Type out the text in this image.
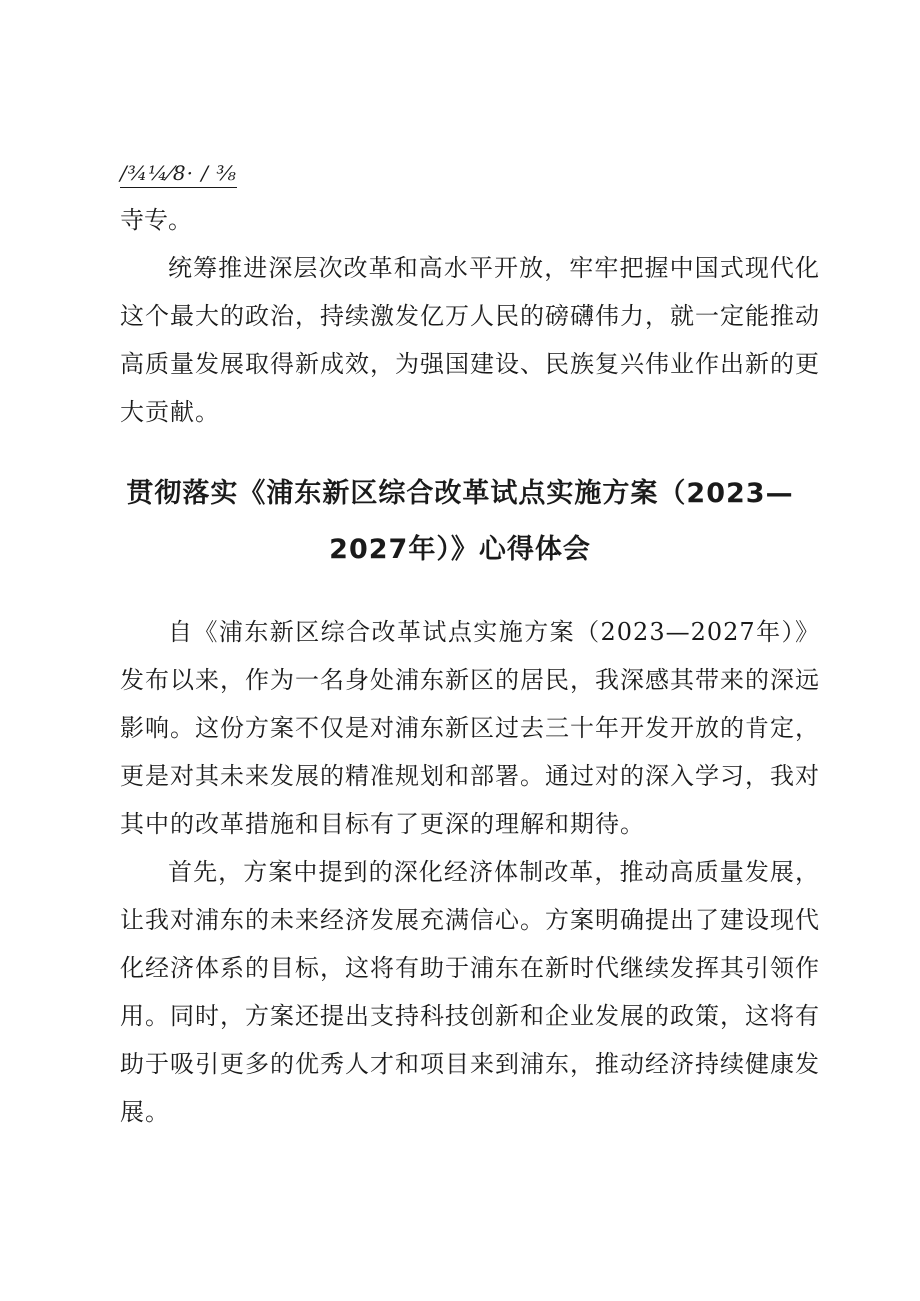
/¾¼⁄8· / ⅜
寺专。

统筹推进深层次改革和高水平开放，牢牢把握中国式现代化这个最大的政治，持续激发亿万人民的磅礴伟力，就一定能推动高质量发展取得新成效，为强国建设、民族复兴伟业作出新的更大贡献。

贯彻落实《浦东新区综合改革试点实施方案（2023—2027年）》心得体会

自《浦东新区综合改革试点实施方案（2023—2027年）》发布以来，作为一名身处浦东新区的居民，我深感其带来的深远影响。这份方案不仅是对浦东新区过去三十年开发开放的肯定，更是对其未来发展的精准规划和部署。通过对的深入学习，我对其中的改革措施和目标有了更深的理解和期待。

首先，方案中提到的深化经济体制改革，推动高质量发展，让我对浦东的未来经济发展充满信心。方案明确提出了建设现代化经济体系的目标，这将有助于浦东在新时代继续发挥其引领作用。同时，方案还提出支持科技创新和企业发展的政策，这将有助于吸引更多的优秀人才和项目来到浦东，推动经济持续健康发展。
